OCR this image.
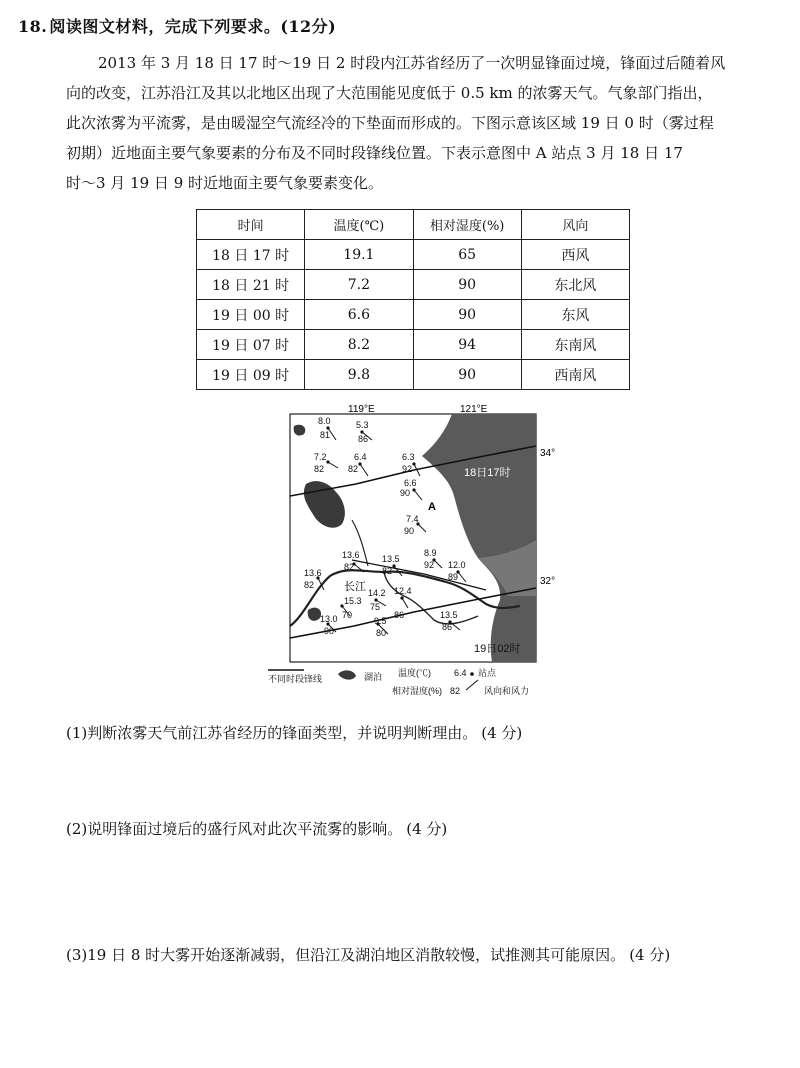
18. 阅读图文材料，完成下列要求。(12分)

2013 年 3 月 18 日 17 时～19 日 2 时段内江苏省经历了一次明显锋面过境，锋面过后随着风

向的改变，江苏沿江及其以北地区出现了大范围能见度低于 0.5 km 的浓雾天气。气象部门指出，

此次浓雾为平流雾，是由暖湿空气流经冷的下垫面而形成的。下图示意该区域 19 日 0 时（雾过程

初期）近地面主要气象要素的分布及不同时段锋线位置。下表示意图中 A 站点 3 月 18 日 17

时～3 月 19 日 9 时近地面主要气象要素变化。

时间	温度(℃)	相对湿度(%)	风向
18 日 17 时	19.1	65	西风
18 日 21 时	7.2	90	东北风
19 日 00 时	6.6	90	东风
19 日 07 时	8.2	94	东南风
19 日 09 时	9.8	90	西南风
18日17时
19日02时
119°E	121°E
34°
32°
A
长江
8.0
81
5.3
86
7.2
82
6.4
82
6.3
92
6.6
90
7.4
90
13.6
82
13.5
82
8.9
92 12.0
89
13.6
82
14.2
75
12.4
86
15.3
70
9.5
80
13.5
86
13.0
90
不同时段锋线	湖泊 温度(℃)	6.4 站点
相对湿度(%) 82	风向和风力
(1)判断浓雾天气前江苏省经历的锋面类型，并说明判断理由。 (4 分)
(2)说明锋面过境后的盛行风对此次平流雾的影响。 (4 分)
(3)19 日 8 时大雾开始逐渐减弱，但沿江及湖泊地区消散较慢，试推测其可能原因。 (4 分)
